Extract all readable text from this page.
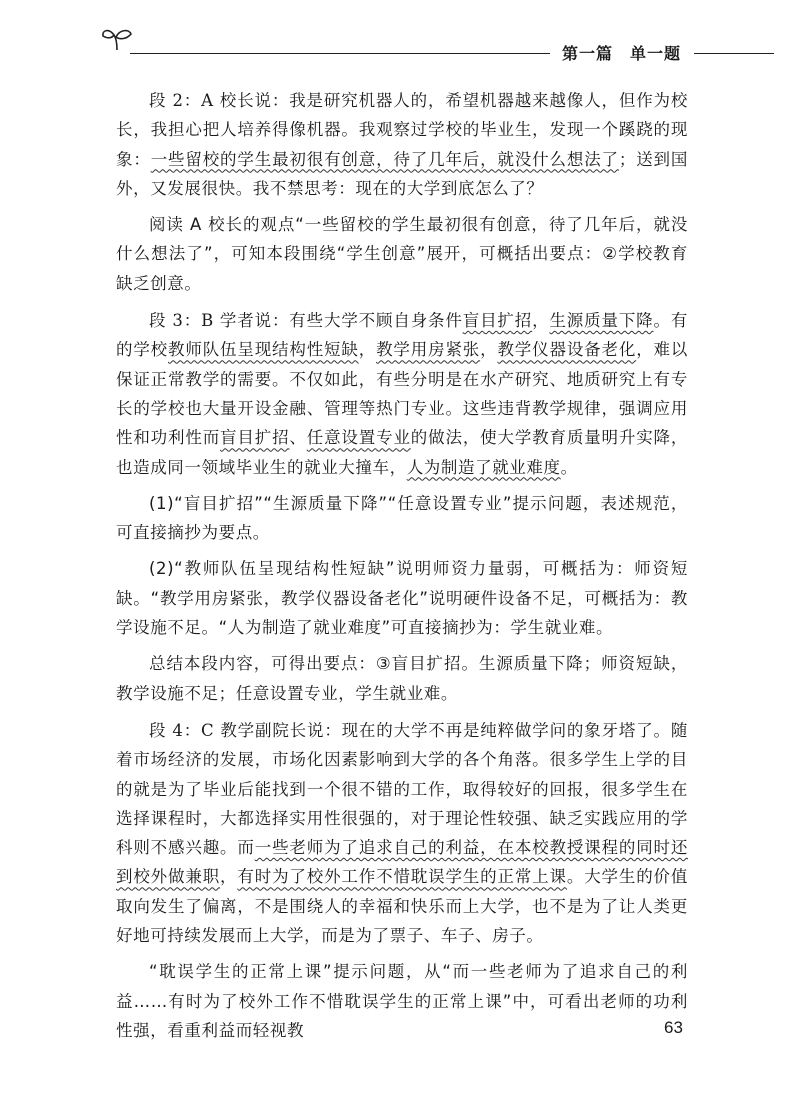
第一篇　单一题

段 2：A 校长说：我是研究机器人的，希望机器越来越像人，但作为校长，我担心把人培养得像机器。我观察过学校的毕业生，发现一个蹊跷的现象：一些留校的学生最初很有创意，待了几年后，就没什么想法了；送到国外，又发展很快。我不禁思考：现在的大学到底怎么了？

阅读 A 校长的观点“一些留校的学生最初很有创意，待了几年后，就没什么想法了”，可知本段围绕“学生创意”展开，可概括出要点：②学校教育缺乏创意。

段 3：B 学者说：有些大学不顾自身条件盲目扩招，生源质量下降。有的学校教师队伍呈现结构性短缺，教学用房紧张，教学仪器设备老化，难以保证正常教学的需要。不仅如此，有些分明是在水产研究、地质研究上有专长的学校也大量开设金融、管理等热门专业。这些违背教学规律，强调应用性和功利性而盲目扩招、任意设置专业的做法，使大学教育质量明升实降，也造成同一领域毕业生的就业大撞车，人为制造了就业难度。

(1)“盲目扩招”“生源质量下降”“任意设置专业”提示问题，表述规范，可直接摘抄为要点。

(2)“教师队伍呈现结构性短缺”说明师资力量弱，可概括为：师资短缺。“教学用房紧张，教学仪器设备老化”说明硬件设备不足，可概括为：教学设施不足。“人为制造了就业难度”可直接摘抄为：学生就业难。

总结本段内容，可得出要点：③盲目扩招。生源质量下降；师资短缺，教学设施不足；任意设置专业，学生就业难。

段 4：C 教学副院长说：现在的大学不再是纯粹做学问的象牙塔了。随着市场经济的发展，市场化因素影响到大学的各个角落。很多学生上学的目的就是为了毕业后能找到一个很不错的工作，取得较好的回报，很多学生在选择课程时，大都选择实用性很强的，对于理论性较强、缺乏实践应用的学科则不感兴趣。而一些老师为了追求自己的利益，在本校教授课程的同时还到校外做兼职，有时为了校外工作不惜耽误学生的正常上课。大学生的价值取向发生了偏离，不是围绕人的幸福和快乐而上大学，也不是为了让人类更好地可持续发展而上大学，而是为了票子、车子、房子。

“耽误学生的正常上课”提示问题，从“而一些老师为了追求自己的利益……有时为了校外工作不惜耽误学生的正常上课”中，可看出老师的功利性强，看重利益而轻视教	63
